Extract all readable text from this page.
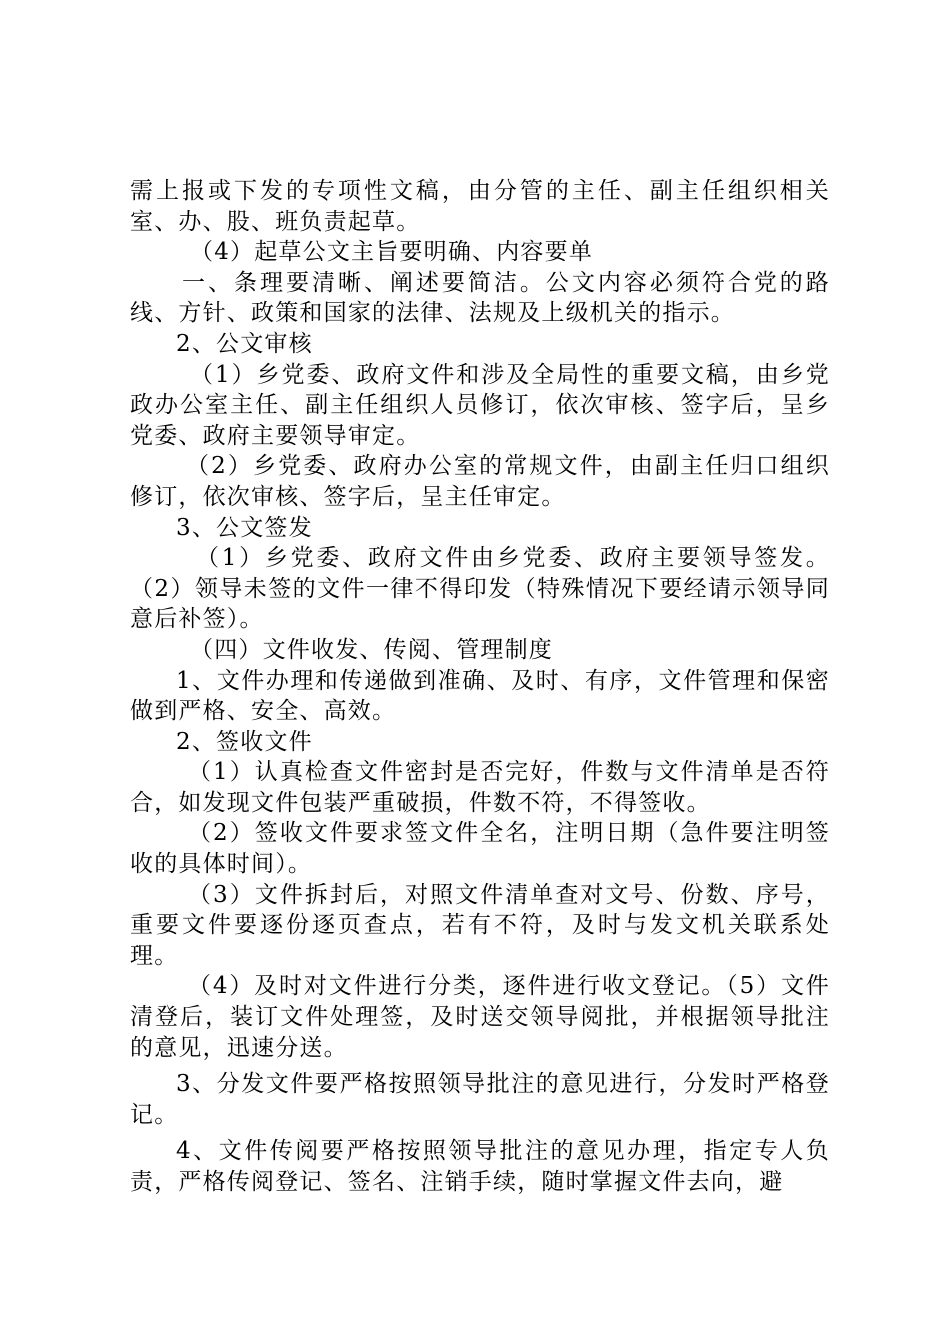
需上报或下发的专项性文稿，由分管的主任、副主任组织相关室、办、股、班负责起草。

（4）起草公文主旨要明确、内容要单

一、条理要清晰、阐述要简洁。公文内容必须符合党的路线、方针、政策和国家的法律、法规及上级机关的指示。

2、公文审核

（1）乡党委、政府文件和涉及全局性的重要文稿，由乡党政办公室主任、副主任组织人员修订，依次审核、签字后，呈乡党委、政府主要领导审定。

（2）乡党委、政府办公室的常规文件，由副主任归口组织修订，依次审核、签字后，呈主任审定。

3、公文签发

（1）乡党委、政府文件由乡党委、政府主要领导签发。（2）领导未签的文件一律不得印发（特殊情况下要经请示领导同意后补签）。

（四）文件收发、传阅、管理制度

1、文件办理和传递做到准确、及时、有序，文件管理和保密做到严格、安全、高效。

2、签收文件

（1）认真检查文件密封是否完好，件数与文件清单是否符合，如发现文件包装严重破损，件数不符，不得签收。

（2）签收文件要求签文件全名，注明日期（急件要注明签收的具体时间）。

（3）文件拆封后，对照文件清单查对文号、份数、序号，重要文件要逐份逐页查点，若有不符，及时与发文机关联系处理。

（4）及时对文件进行分类，逐件进行收文登记。（5）文件清登后，装订文件处理签，及时送交领导阅批，并根据领导批注的意见，迅速分送。

3、分发文件要严格按照领导批注的意见进行，分发时严格登记。

4、文件传阅要严格按照领导批注的意见办理，指定专人负责，严格传阅登记、签名、注销手续，随时掌握文件去向，避
